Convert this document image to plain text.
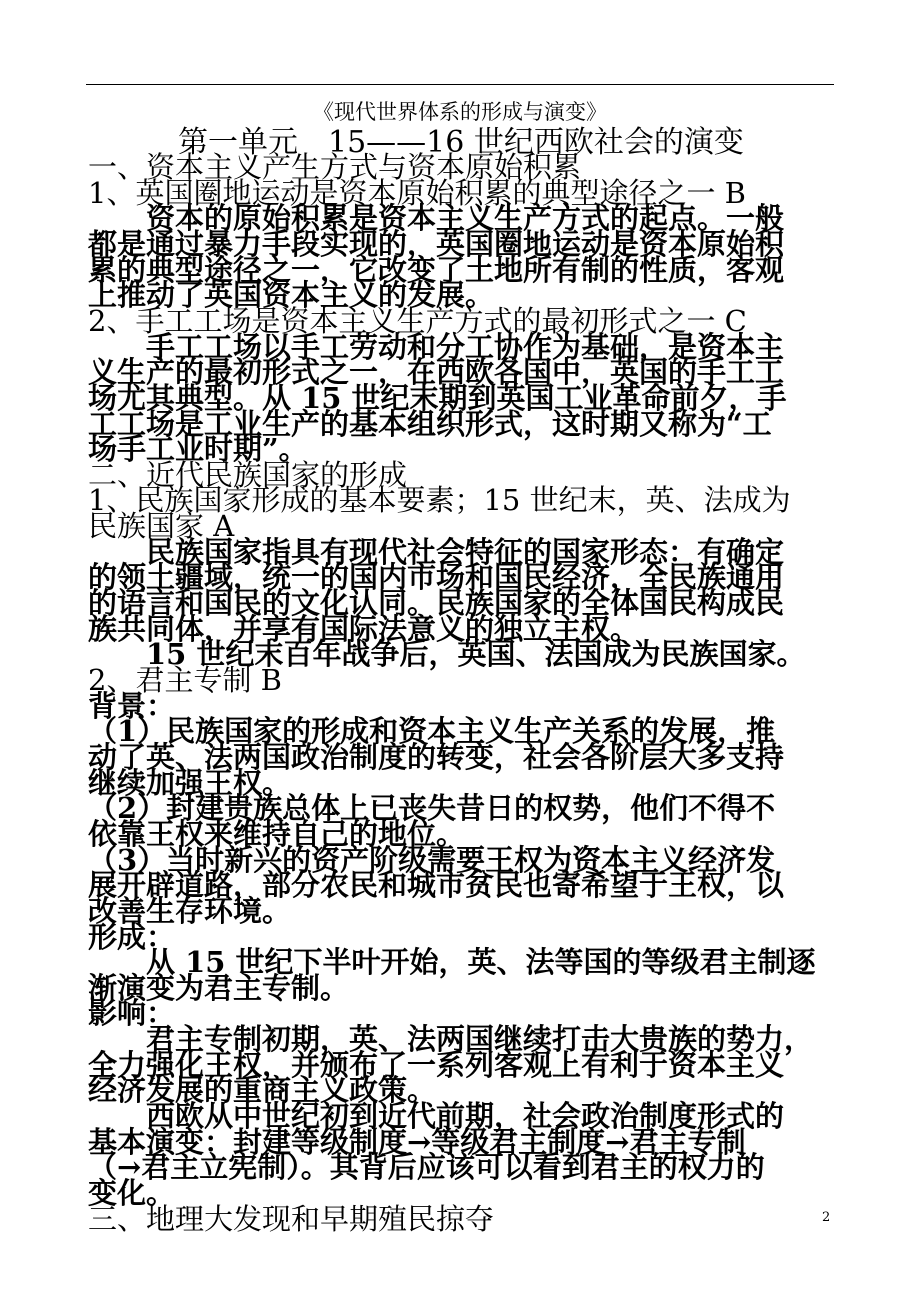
《现代世界体系的形成与演变》
第一单元　15——16 世纪西欧社会的演变
一、资本主义产生方式与资本原始积累
1、英国圈地运动是资本原始积累的典型途径之一 B
　　资本的原始积累是资本主义生产方式的起点。一般
都是通过暴力手段实现的，英国圈地运动是资本原始积
累的典型途径之一，它改变了土地所有制的性质，客观
上推动了英国资本主义的发展。
2、手工工场是资本主义生产方式的最初形式之一 C
　　手工工场以手工劳动和分工协作为基础，是资本主
义生产的最初形式之一，在西欧各国中，英国的手工工
场尤其典型。从 15 世纪末期到英国工业革命前夕，手
工工场是工业生产的基本组织形式，这时期又称为“工
场手工业时期”。
二、近代民族国家的形成
1、民族国家形成的基本要素；15 世纪末，英、法成为
民族国家 A
　　民族国家指具有现代社会特征的国家形态：有确定
的领土疆域，统一的国内市场和国民经济，全民族通用
的语言和国民的文化认同。民族国家的全体国民构成民
族共同体，并享有国际法意义的独立主权。
　　15 世纪末百年战争后，英国、法国成为民族国家。
2、君主专制 B
背景：
（1）民族国家的形成和资本主义生产关系的发展，推
动了英、法两国政治制度的转变，社会各阶层大多支持
继续加强王权。
（2）封建贵族总体上已丧失昔日的权势，他们不得不
依靠王权来维持自己的地位。
（3）当时新兴的资产阶级需要王权为资本主义经济发
展开辟道路，部分农民和城市贫民也寄希望于王权，以
改善生存环境。
形成：
　　从 15 世纪下半叶开始，英、法等国的等级君主制逐
渐演变为君主专制。
影响：
　　君主专制初期，英、法两国继续打击大贵族的势力，
全力强化王权，并颁布了一系列客观上有利于资本主义
经济发展的重商主义政策。
　　西欧从中世纪初到近代前期，社会政治制度形式的
基本演变：封建等级制度→等级君主制度→君主专制
（→君主立宪制）。其背后应该可以看到君主的权力的
变化。
三、地理大发现和早期殖民掠夺	2
